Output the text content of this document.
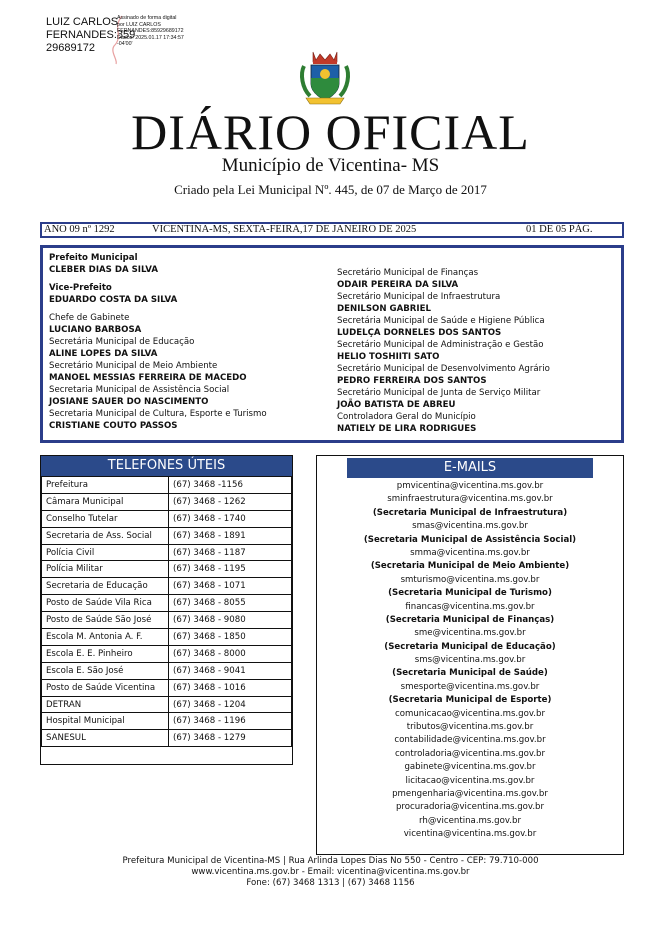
LUIZ CARLOS
FERNANDES:859
29689172
Assinado de forma digital
por LUIZ CARLOS
FERNANDES:85929689172
Dados: 2025.01.17 17:34:57
-04'00'
DIÁRIO OFICIAL
Município de Vicentina- MS
Criado pela Lei Municipal Nº. 445, de 07 de Março de 2017
ANO 09 nº 1292	VICENTINA-MS, SEXTA-FEIRA,17 DE JANEIRO DE 2025	01 DE 05 PÁG.
Prefeito Municipal
CLEBER DIAS DA SILVA
Vice-Prefeito
EDUARDO COSTA DA SILVA
Chefe de Gabinete
LUCIANO BARBOSA
Secretária Municipal de Educação
ALINE LOPES DA SILVA
Secretário Municipal de Meio Ambiente
MANOEL MESSIAS FERREIRA DE MACEDO
Secretaria Municipal de Assistência Social
JOSIANE SAUER DO NASCIMENTO
Secretaria Municipal de Cultura, Esporte e Turismo
CRISTIANE COUTO PASSOS
Secretário Municipal de Finanças
ODAIR PEREIRA DA SILVA
Secretário Municipal de Infraestrutura
DENILSON GABRIEL
Secretária Municipal de Saúde e Higiene Pública
LUDELÇA DORNELES DOS SANTOS
Secretário Municipal de Administração e Gestão
HELIO TOSHIITI SATO
Secretário Municipal de Desenvolvimento Agrário
PEDRO FERREIRA DOS SANTOS
Secretário Municipal de Junta de Serviço Militar
JOÃO BATISTA DE ABREU
Controladora Geral do Município
NATIELY DE LIRA RODRIGUES
TELEFONES ÚTEIS
Prefeitura	(67) 3468 -1156
Câmara Municipal	(67) 3468 - 1262
Conselho Tutelar	(67) 3468 - 1740
Secretaria de Ass. Social	(67) 3468 - 1891
Polícia Civil	(67) 3468 - 1187
Polícia Militar	(67) 3468 - 1195
Secretaria de Educação	(67) 3468 - 1071
Posto de Saúde Vila Rica	(67) 3468 - 8055
Posto de Saúde São José	(67) 3468 - 9080
Escola M. Antonia A. F.	(67) 3468 - 1850
Escola E. E. Pinheiro	(67) 3468 - 8000
Escola E. São José	(67) 3468 - 9041
Posto de Saúde Vicentina	(67) 3468 - 1016
DETRAN	(67) 3468 - 1204
Hospital Municipal	(67) 3468 - 1196
SANESUL	(67) 3468 - 1279
E-MAILS
pmvicentina@vicentina.ms.gov.br
sminfraestrutura@vicentina.ms.gov.br
(Secretaria Municipal de Infraestrutura)
smas@vicentina.ms.gov.br
(Secretaria Municipal de Assistência Social)
smma@vicentina.ms.gov.br
(Secretaria Municipal de Meio Ambiente)
smturismo@vicentina.ms.gov.br
(Secretaria Municipal de Turismo)
financas@vicentina.ms.gov.br
(Secretaria Municipal de Finanças)
sme@vicentina.ms.gov.br
(Secretaria Municipal de Educação)
sms@vicentina.ms.gov.br
(Secretaria Municipal de Saúde)
smesporte@vicentina.ms.gov.br
(Secretaria Municipal de Esporte)
comunicacao@vicentina.ms.gov.br
tributos@vicentina.ms.gov.br
contabilidade@vicentina.ms.gov.br
controladoria@vicentina.ms.gov.br
gabinete@vicentina.ms.gov.br
licitacao@vicentina.ms.gov.br
pmengenharia@vicentina.ms.gov.br
procuradoria@vicentina.ms.gov.br
rh@vicentina.ms.gov.br
vicentina@vicentina.ms.gov.br
Prefeitura Municipal de Vicentina-MS | Rua Arlinda Lopes Dias No 550 - Centro - CEP: 79.710-000
www.vicentina.ms.gov.br - Email: vicentina@vicentina.ms.gov.br
Fone: (67) 3468 1313 | (67) 3468 1156
